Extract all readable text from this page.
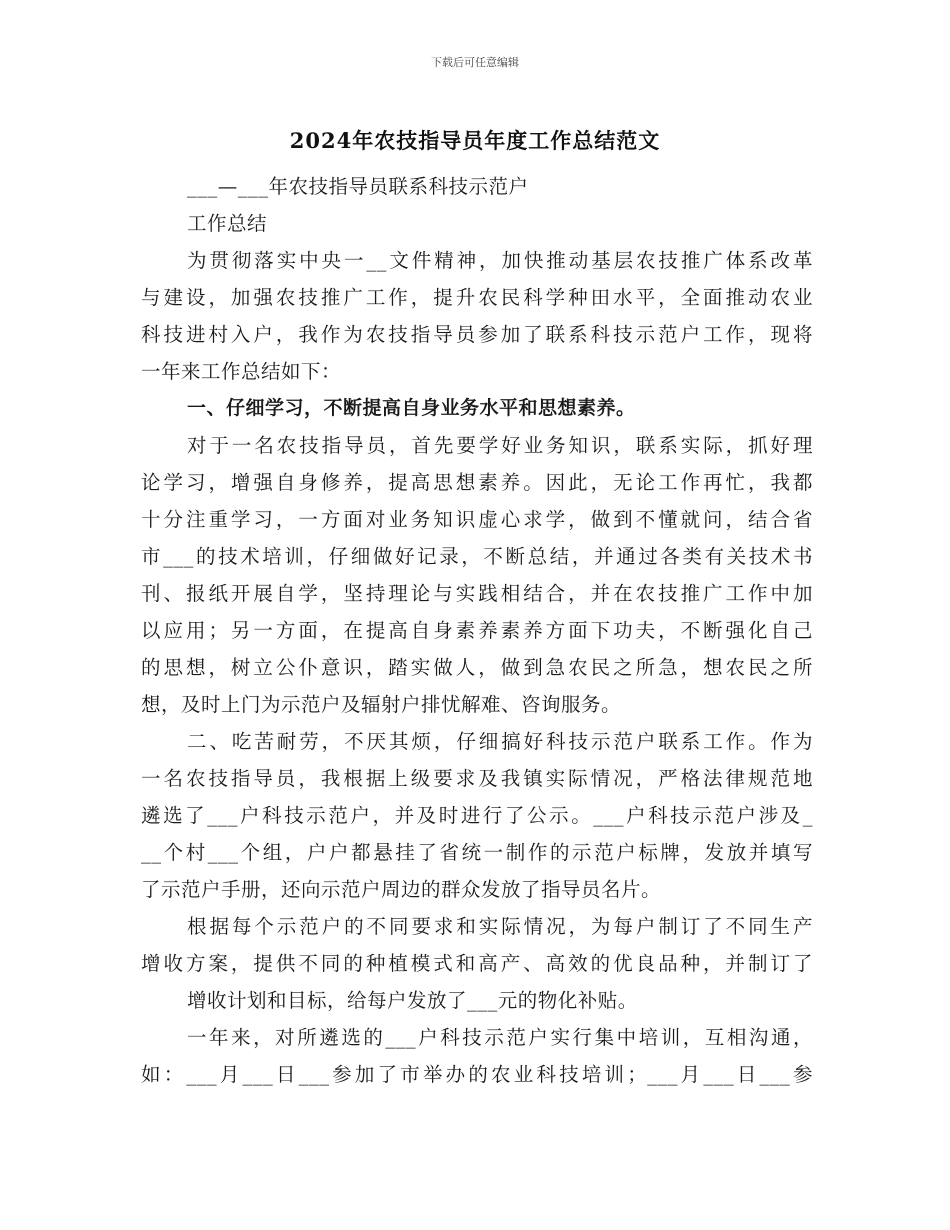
下载后可任意编辑
2024年农技指导员年度工作总结范文
___—___年农技指导员联系科技示范户
工作总结
为贯彻落实中央一__文件精神，加快推动基层农技推广体系改革
与建设，加强农技推广工作，提升农民科学种田水平，全面推动农业
科技进村入户，我作为农技指导员参加了联系科技示范户工作，现将
一年来工作总结如下：
一、仔细学习，不断提高自身业务水平和思想素养。
对于一名农技指导员，首先要学好业务知识，联系实际，抓好理
论学习，增强自身修养，提高思想素养。因此，无论工作再忙，我都
十分注重学习，一方面对业务知识虚心求学，做到不懂就问，结合省
市___的技术培训，仔细做好记录，不断总结，并通过各类有关技术书
刊、报纸开展自学，坚持理论与实践相结合，并在农技推广工作中加
以应用；另一方面，在提高自身素养素养方面下功夫，不断强化自己
的思想，树立公仆意识，踏实做人，做到急农民之所急，想农民之所
想，及时上门为示范户及辐射户排忧解难、咨询服务。
二、吃苦耐劳，不厌其烦，仔细搞好科技示范户联系工作。作为
一名农技指导员，我根据上级要求及我镇实际情况，严格法律规范地
遴选了___户科技示范户，并及时进行了公示。___户科技示范户涉及_
__个村___个组，户户都悬挂了省统一制作的示范户标牌，发放并填写
了示范户手册，还向示范户周边的群众发放了指导员名片。
根据每个示范户的不同要求和实际情况，为每户制订了不同生产
增收方案，提供不同的种植模式和高产、高效的优良品种，并制订了
增收计划和目标，给每户发放了___元的物化补贴。
一年来，对所遴选的___户科技示范户实行集中培训，互相沟通，
如：___月___日___参加了市举办的农业科技培训；___月___日___参
